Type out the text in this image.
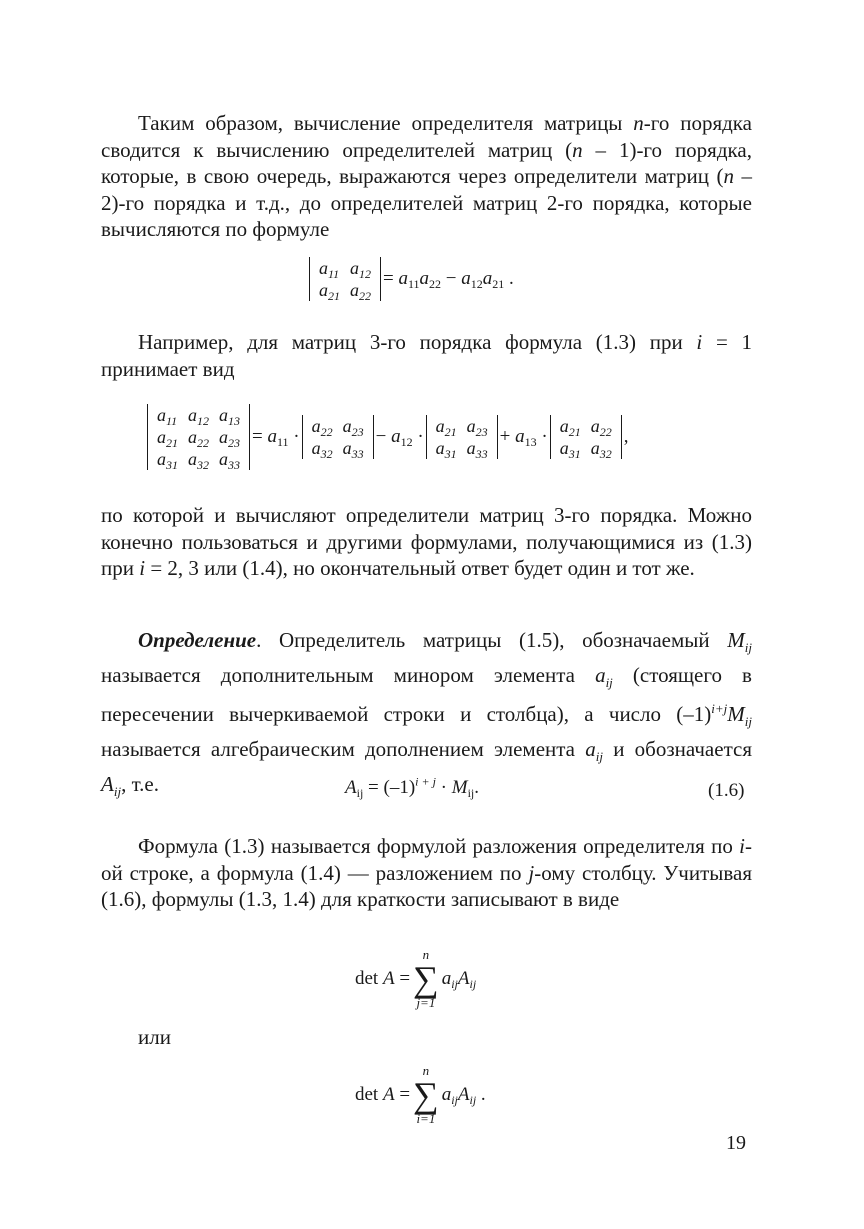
Таким образом, вычисление определителя матрицы n-го порядка сводится к вычислению определителей матриц (n – 1)-го порядка, которые, в свою очередь, выражаются через определители матриц (n – 2)-го порядка и т.д., до определителей матриц 2-го порядка, которые вычисляются по формуле

$a_{11}$	$a_{12}$
$a_{21}$	$a_{22}$
= $a_{11}a_{22} - a_{12}a_{21}$ .

Например, для матриц 3-го порядка формула (1.3) при i = 1 принимает вид

$a_{11}$	$a_{12}$	$a_{13}$
$a_{21}$	$a_{22}$	$a_{23}$
$a_{31}$	$a_{32}$	$a_{33}$
= $a_{11}$ ·
$a_{22}$	$a_{23}$
$a_{32}$	$a_{33}$
− $a_{12}$ ·
$a_{21}$	$a_{23}$
$a_{31}$	$a_{33}$
+ $a_{13}$ ·
$a_{21}$	$a_{22}$
$a_{31}$	$a_{32}$
,

по которой и вычисляют определители матриц 3-го порядка. Можно конечно пользоваться и другими формулами, получающимися из (1.3) при i = 2, 3 или (1.4), но окончательный ответ будет один и тот же.

Определение. Определитель матрицы (1.5), обозначаемый $M_{ij}$ называется дополнительным минором элемента $a_{ij}$ (стоящего в пересечении вычеркиваемой строки и столбца), а число $(-1)^{i+j}M_{ij}$ называется алгебраическим дополнением элемента $a_{ij}$ и обозначается $A_{ij}$, т.е.	$A_{ij} = (-1)^{i + j} \cdot M_{ij}$.	(1.6)

Формула (1.3) называется формулой разложения определителя по i-ой строке, а формула (1.4) — разложением по j-ому столбцу. Учитывая (1.6), формулы (1.3, 1.4) для краткости записывают в виде

det A =
n
∑
j=1
$a_{ij}A_{ij}$

или

det A =
n
∑
i=1
$a_{ij}A_{ij}$ .
19
